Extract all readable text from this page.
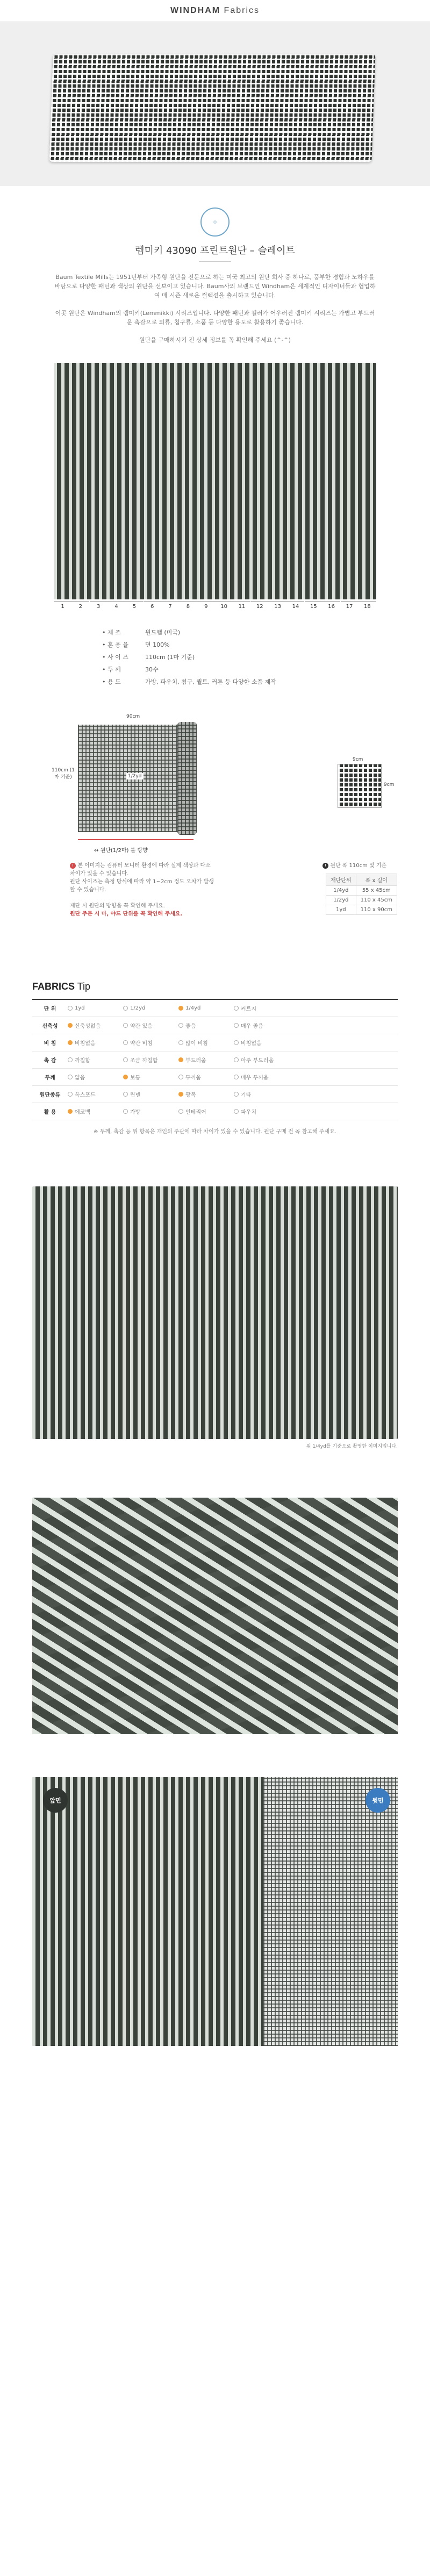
WINDHAM Fabrics
◎
렘미키 43090 프린트원단 – 슬레이트

Baum Textile Mills는 1951년부터 가족형 원단을 전문으로 하는 미국 최고의 원단 회사 중 하나로, 풍부한 경험과 노하우를 바탕으로 다양한 패턴과 색상의 원단을 선보이고 있습니다. Baum사의 브랜드인 Windham은 세계적인 디자이너들과 협업하여 매 시즌 새로운 컬렉션을 출시하고 있습니다.

이곳 원단은 Windham의 렘미키(Lemmikki) 시리즈입니다. 다양한 패턴과 컬러가 어우러진 렘미키 시리즈는 가볍고 부드러운 촉감으로 의류, 침구류, 소품 등 다양한 용도로 활용하기 좋습니다.

원단을 구매하시기 전 상세 정보를 꼭 확인해 주세요 (^-^)

1	2	3	4	5	6	7	8	9	10	11	12	13	14	15	16	17	18
• 제 조	윈드햄 (미국)
• 혼 용 율	면 100%
• 사 이 즈	110cm (1마 기준)
• 두 께	30수
• 용 도	가방, 파우치, 침구, 퀼트, 커튼 등 다양한 소품 제작
90cm
110cm (1마 기준)	1/2yd
↔ 원단(1/2마) 롤 방향
9cm
9cm
! 본 이미지는 컴퓨터 모니터 환경에 따라 실제 색상과 다소 차이가 있을 수 있습니다.
원단 사이즈는 측정 방식에 따라 약 1~2cm 정도 오차가 발생할 수 있습니다.

재단 시 원단의 방향을 꼭 확인해 주세요.
원단 주문 시 마, 야드 단위를 꼭 확인해 주세요.
! 원단 폭 110cm 및 기준
재단단위	폭 x 길이
1/4yd	55 x 45cm
1/2yd	110 x 45cm
1yd	110 x 90cm
FABRICS Tip
단 위	1yd	1/2yd	1/4yd	커트지
신축성	신축성없음	약간 있음	좋음	매우 좋음
비 침	비침없음	약간 비침	많이 비침	비침없음
촉 감	까칠함	조금 까칠함	부드러움	아주 부드러움
두께	얇음	보통	두꺼움	매우 두꺼움
원단종류	옥스포드	린넨	광목	기타
활 용	에코백	가방	인테리어	파우치
※ 두께, 촉감 등 위 항목은 개인의 주관에 따라 차이가 있을 수 있습니다. 원단 구매 전 꼭 참고해 주세요.
위 1/4yd를 기준으로 촬영한 이미지입니다.
앞면	뒷면
